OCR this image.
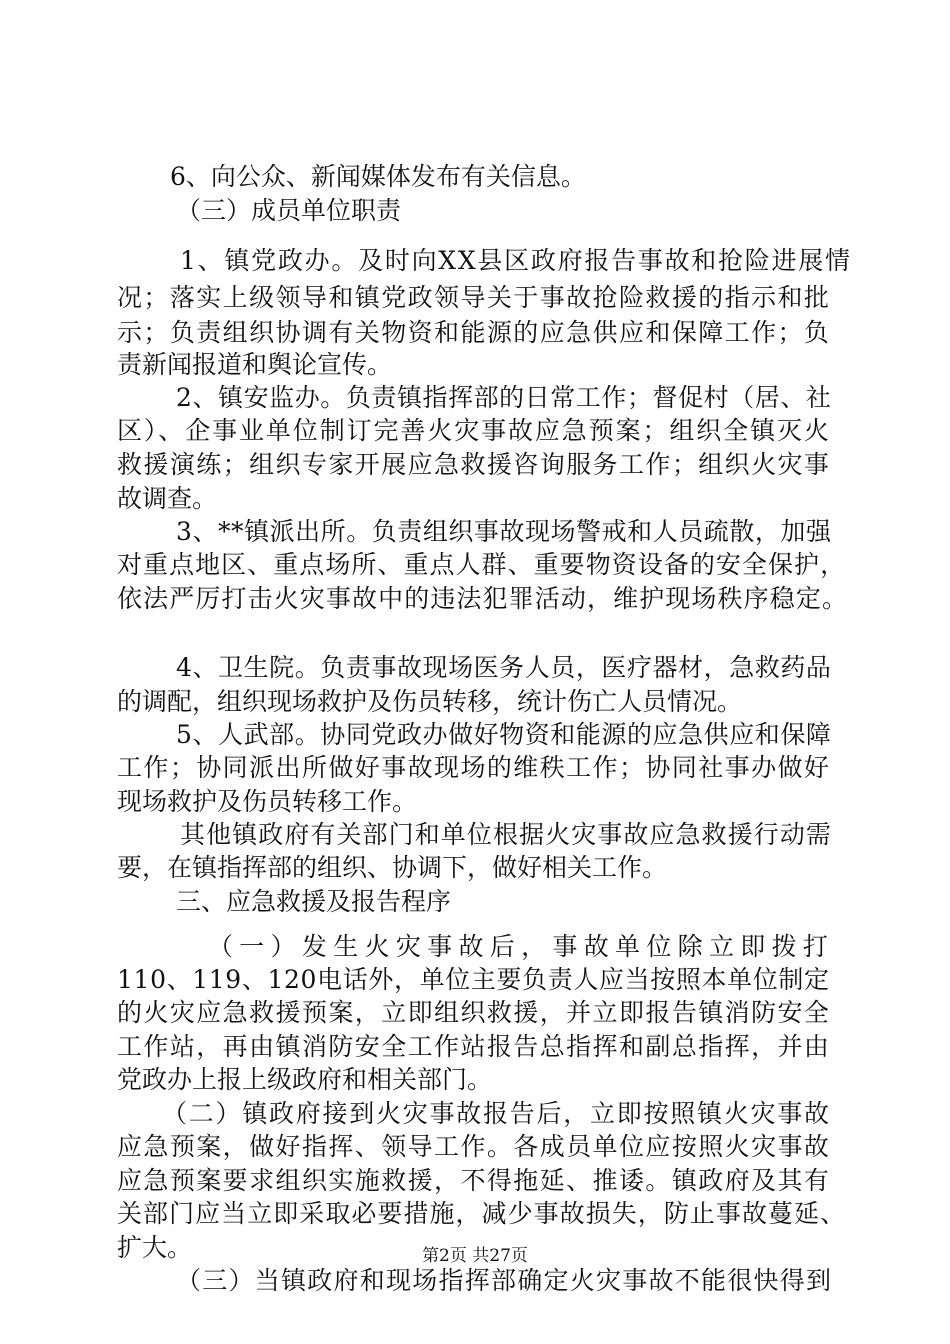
6、向公众、新闻媒体发布有关信息。
（三）成员单位职责
1、镇党政办。及时向XX县区政府报告事故和抢险进展情
况；落实上级领导和镇党政领导关于事故抢险救援的指示和批
示；负责组织协调有关物资和能源的应急供应和保障工作；负
责新闻报道和舆论宣传。
2、镇安监办。负责镇指挥部的日常工作；督促村（居、社
区）、企事业单位制订完善火灾事故应急预案；组织全镇灭火
救援演练；组织专家开展应急救援咨询服务工作；组织火灾事
故调查。
3、**镇派出所。负责组织事故现场警戒和人员疏散，加强
对重点地区、重点场所、重点人群、重要物资设备的安全保护，
依法严厉打击火灾事故中的违法犯罪活动，维护现场秩序稳定。
4、卫生院。负责事故现场医务人员，医疗器材，急救药品
的调配，组织现场救护及伤员转移，统计伤亡人员情况。
5、人武部。协同党政办做好物资和能源的应急供应和保障
工作；协同派出所做好事故现场的维秩工作；协同社事办做好
现场救护及伤员转移工作。
其他镇政府有关部门和单位根据火灾事故应急救援行动需
要，在镇指挥部的组织、协调下，做好相关工作。
三、应急救援及报告程序
（一）发生火灾事故后，事故单位除立即拨打
110、119、120电话外，单位主要负责人应当按照本单位制定
的火灾应急救援预案，立即组织救援，并立即报告镇消防安全
工作站，再由镇消防安全工作站报告总指挥和副总指挥，并由
党政办上报上级政府和相关部门。
（二）镇政府接到火灾事故报告后，立即按照镇火灾事故
应急预案，做好指挥、领导工作。各成员单位应按照火灾事故
应急预案要求组织实施救援，不得拖延、推诿。镇政府及其有
关部门应当立即采取必要措施，减少事故损失，防止事故蔓延、
扩大。
（三）当镇政府和现场指挥部确定火灾事故不能很快得到
第2页 共27页
